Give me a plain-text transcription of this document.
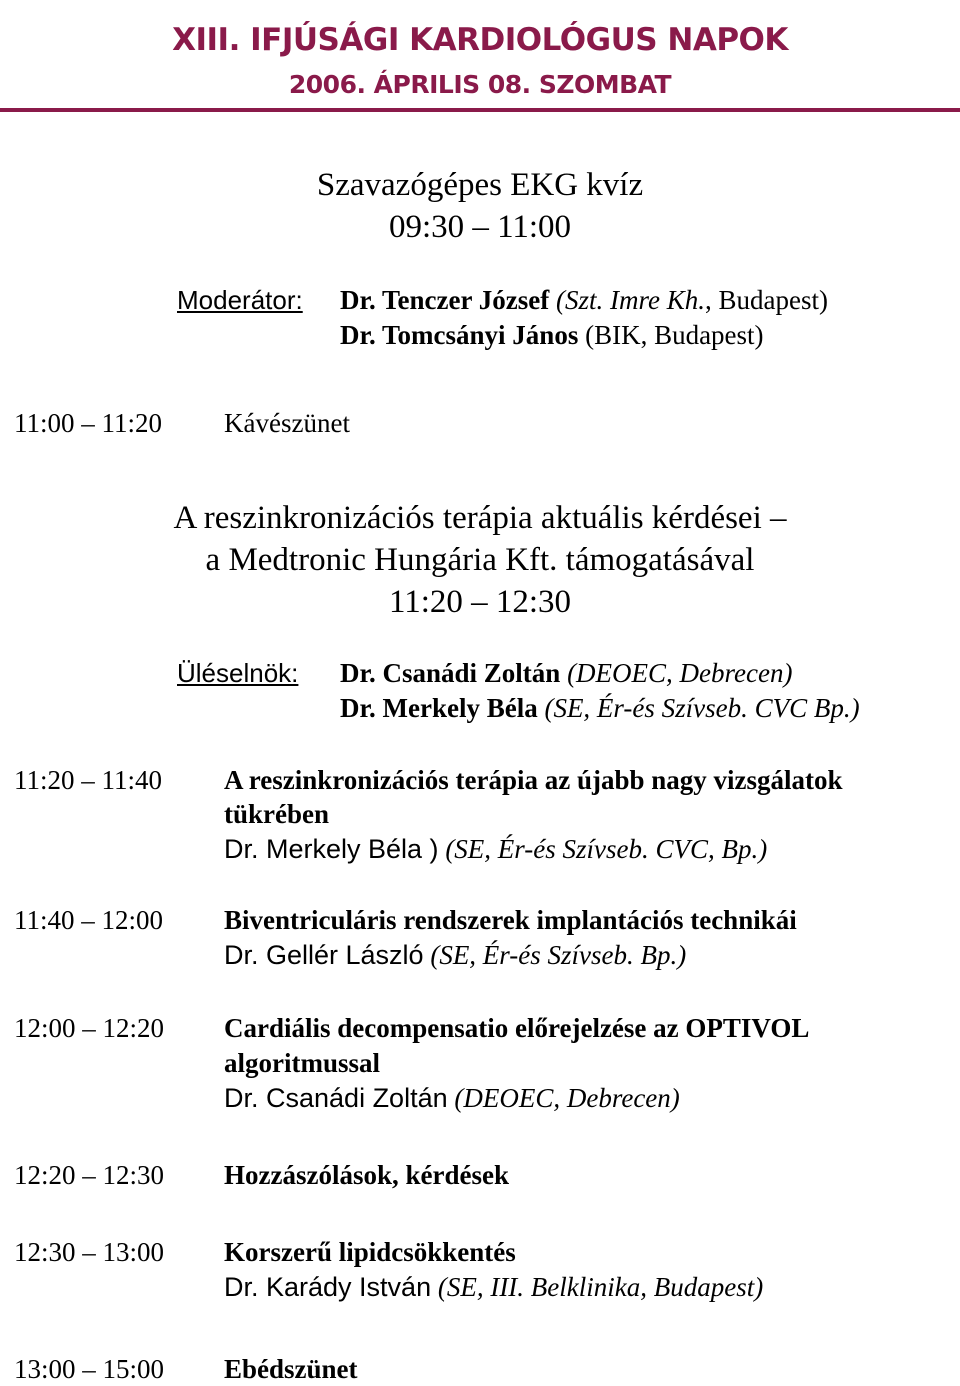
XIII. IFJÚSÁGI KARDIOLÓGUS NAPOK
2006. ÁPRILIS 08. SZOMBAT
Szavazógépes EKG kvíz
09:30 – 11:00
Moderátor: Dr. Tenczer József (Szt. Imre Kh., Budapest)
Dr. Tomcsányi János (BIK, Budapest)
11:00 – 11:20 Kávészünet
A reszinkronizációs terápia aktuális kérdései –
a Medtronic Hungária Kft. támogatásával
11:20 – 12:30
Üléselnök: Dr. Csanádi Zoltán (DEOEC, Debrecen)
Dr. Merkely Béla (SE, Ér-és Szívseb. CVC Bp.)
11:20 – 11:40 A reszinkronizációs terápia az újabb nagy vizsgálatok
tükrében
Dr. Merkely Béla ) (SE, Ér-és Szívseb. CVC, Bp.)
11:40 – 12:00 Biventriculáris rendszerek implantációs technikái
Dr. Gellér László (SE, Ér-és Szívseb. Bp.)
12:00 – 12:20 Cardiális decompensatio előrejelzése az OPTIVOL
algoritmussal
Dr. Csanádi Zoltán (DEOEC, Debrecen)
12:20 – 12:30 Hozzászólások, kérdések
12:30 – 13:00 Korszerű lipidcsökkentés
Dr. Karády István (SE, III. Belklinika, Budapest)
13:00 – 15:00 Ebédszünet
